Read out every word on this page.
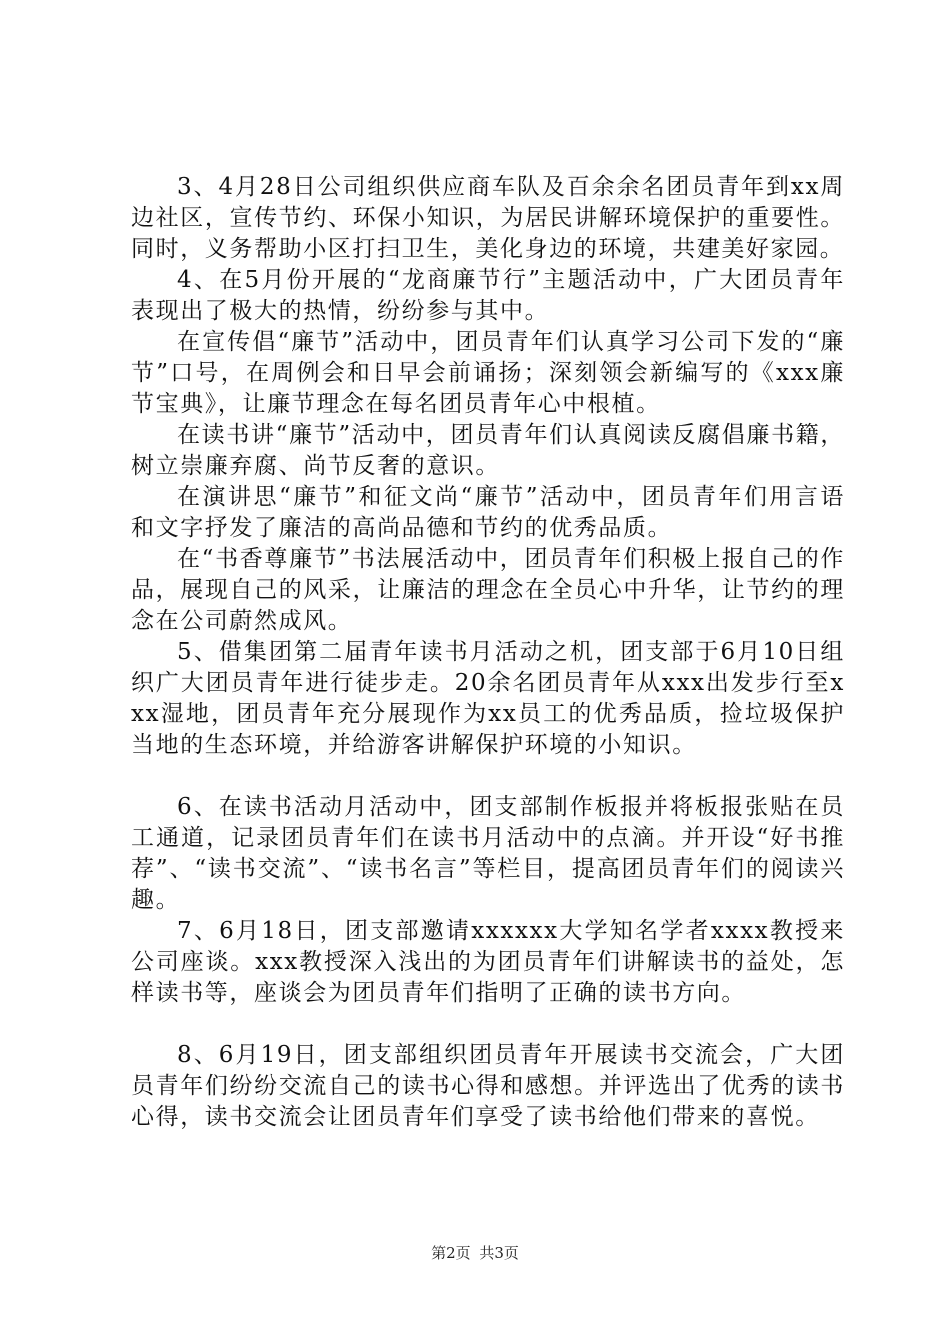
3、4月28日公司组织供应商车队及百余余名团员青年到xx周边社区，宣传节约、环保小知识，为居民讲解环境保护的重要性。同时，义务帮助小区打扫卫生，美化身边的环境，共建美好家园。

4、在5月份开展的“龙商廉节行”主题活动中，广大团员青年表现出了极大的热情，纷纷参与其中。

在宣传倡“廉节”活动中，团员青年们认真学习公司下发的“廉节”口号，在周例会和日早会前诵扬；深刻领会新编写的《xxx廉节宝典》，让廉节理念在每名团员青年心中根植。

在读书讲“廉节”活动中，团员青年们认真阅读反腐倡廉书籍，树立崇廉弃腐、尚节反奢的意识。

在演讲思“廉节”和征文尚“廉节”活动中，团员青年们用言语和文字抒发了廉洁的高尚品德和节约的优秀品质。

在“书香尊廉节”书法展活动中，团员青年们积极上报自己的作品，展现自己的风采，让廉洁的理念在全员心中升华，让节约的理念在公司蔚然成风。

5、借集团第二届青年读书月活动之机，团支部于6月10日组织广大团员青年进行徒步走。20余名团员青年从xxx出发步行至xxx湿地，团员青年充分展现作为xx员工的优秀品质，捡垃圾保护当地的生态环境，并给游客讲解保护环境的小知识。

6、在读书活动月活动中，团支部制作板报并将板报张贴在员工通道，记录团员青年们在读书月活动中的点滴。并开设“好书推荐”、“读书交流”、“读书名言”等栏目，提高团员青年们的阅读兴趣。

7、6月18日，团支部邀请xxxxxx大学知名学者xxxx教授来公司座谈。xxx教授深入浅出的为团员青年们讲解读书的益处，怎样读书等，座谈会为团员青年们指明了正确的读书方向。

8、6月19日，团支部组织团员青年开展读书交流会，广大团员青年们纷纷交流自己的读书心得和感想。并评选出了优秀的读书心得，读书交流会让团员青年们享受了读书给他们带来的喜悦。

第2页 共3页
